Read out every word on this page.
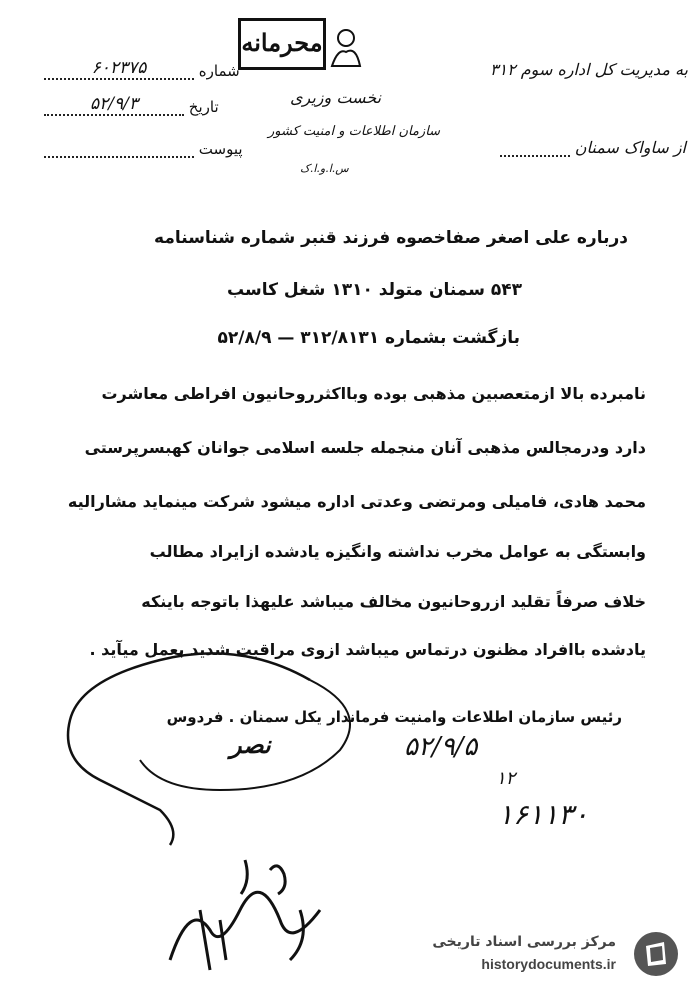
به مدیریت کل اداره سوم ۳۱۲
از ساواک سمنان
شماره ۶۰۲۳۷۵
تاریخ ۵۲/۹/۳
پیوست
محرمانه
نخست وزیری
سازمان اطلاعات و امنیت کشور
س.ا.و.ا.ک
درباره علی اصغر صفاخصوه فرزند قنبر شماره شناسنامه
۵۴۳ سمنان متولد ۱۳۱۰ شغل کاسب
بازگشت بشماره ۳۱۲/۸۱۳۱ — ۵۲/۸/۹
نامبرده بالا ازمتعصبین مذهبی بوده وبااکثرروحانیون افراطی معاشرت
دارد ودرمجالس مذهبی آنان منجمله جلسه اسلامی جوانان کهبسرپرستی
محمد هادی، فامیلی ومرتضی وعدتی اداره میشود شرکت مینماید مشارالیه
وابستگی به عوامل مخرب نداشته وانگیزه یادشده ازایراد مطالب
خلاف صرفاً تقلید ازروحانیون مخالف میباشد علیهذا باتوجه باینکه
یادشده باافراد مظنون درتماس میباشد ازوی مراقبت شدید بعمل میآید .
رئیس سازمان اطلاعات وامنیت فرماندار یکل سمنان . فردوس
نصر	۵۲/۹/۵
۱۲
۱۶۱۱۳۰
مرکز بررسی اسناد تاریخی
historydocuments.ir
